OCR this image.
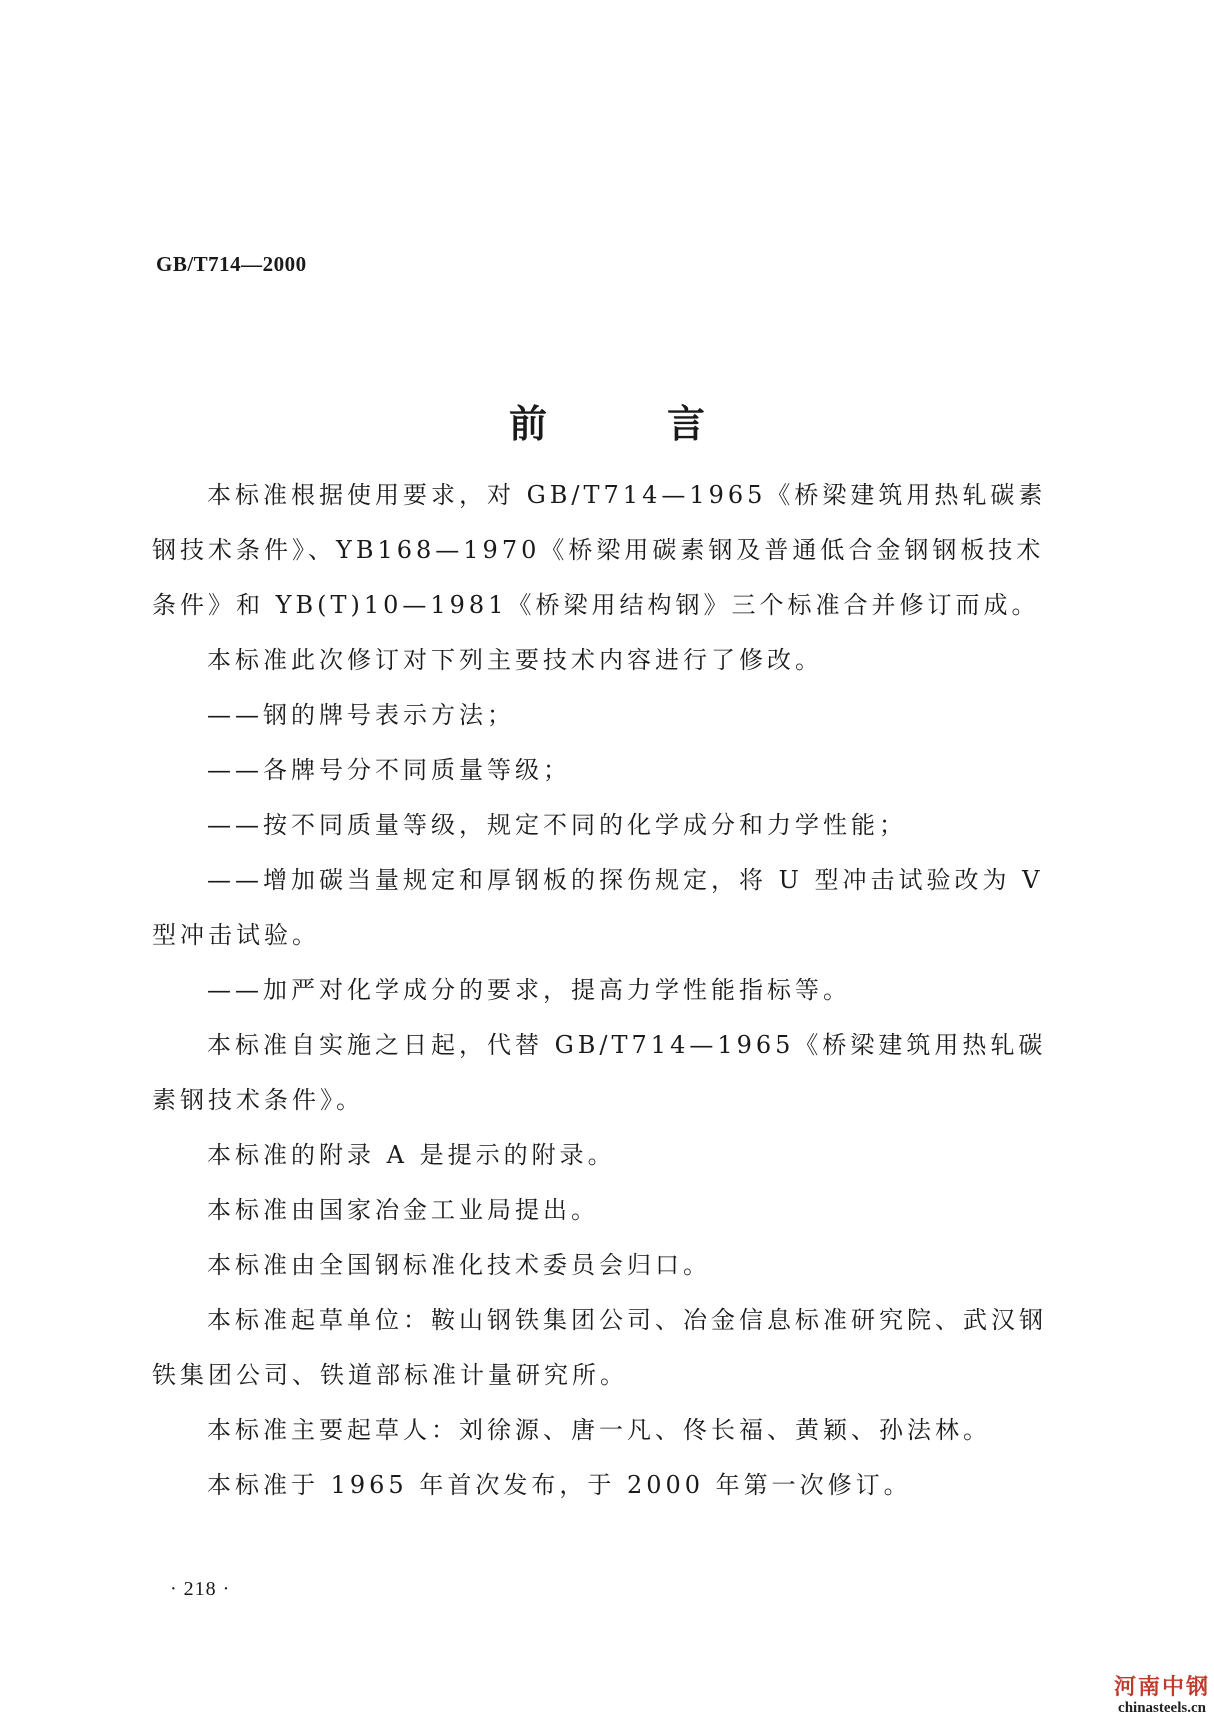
GB/T714—2000
前言

本标准根据使用要求，对 GB/T714—1965《桥梁建筑用热轧碳素钢技术条件》、YB168—1970《桥梁用碳素钢及普通低合金钢钢板技术条件》和 YB(T)10—1981《桥梁用结构钢》三个标准合并修订而成。

本标准此次修订对下列主要技术内容进行了修改。

——钢的牌号表示方法；

——各牌号分不同质量等级；

——按不同质量等级，规定不同的化学成分和力学性能；

——增加碳当量规定和厚钢板的探伤规定，将 U 型冲击试验改为 V 型冲击试验。

——加严对化学成分的要求，提高力学性能指标等。

本标准自实施之日起，代替 GB/T714—1965《桥梁建筑用热轧碳素钢技术条件》。

本标准的附录 A 是提示的附录。

本标准由国家冶金工业局提出。

本标准由全国钢标准化技术委员会归口。

本标准起草单位：鞍山钢铁集团公司、冶金信息标准研究院、武汉钢铁集团公司、铁道部标准计量研究所。

本标准主要起草人：刘徐源、唐一凡、佟长福、黄颖、孙法林。

本标准于 1965 年首次发布，于 2000 年第一次修订。

· 218 ·
河南中钢
chinasteels.cn
